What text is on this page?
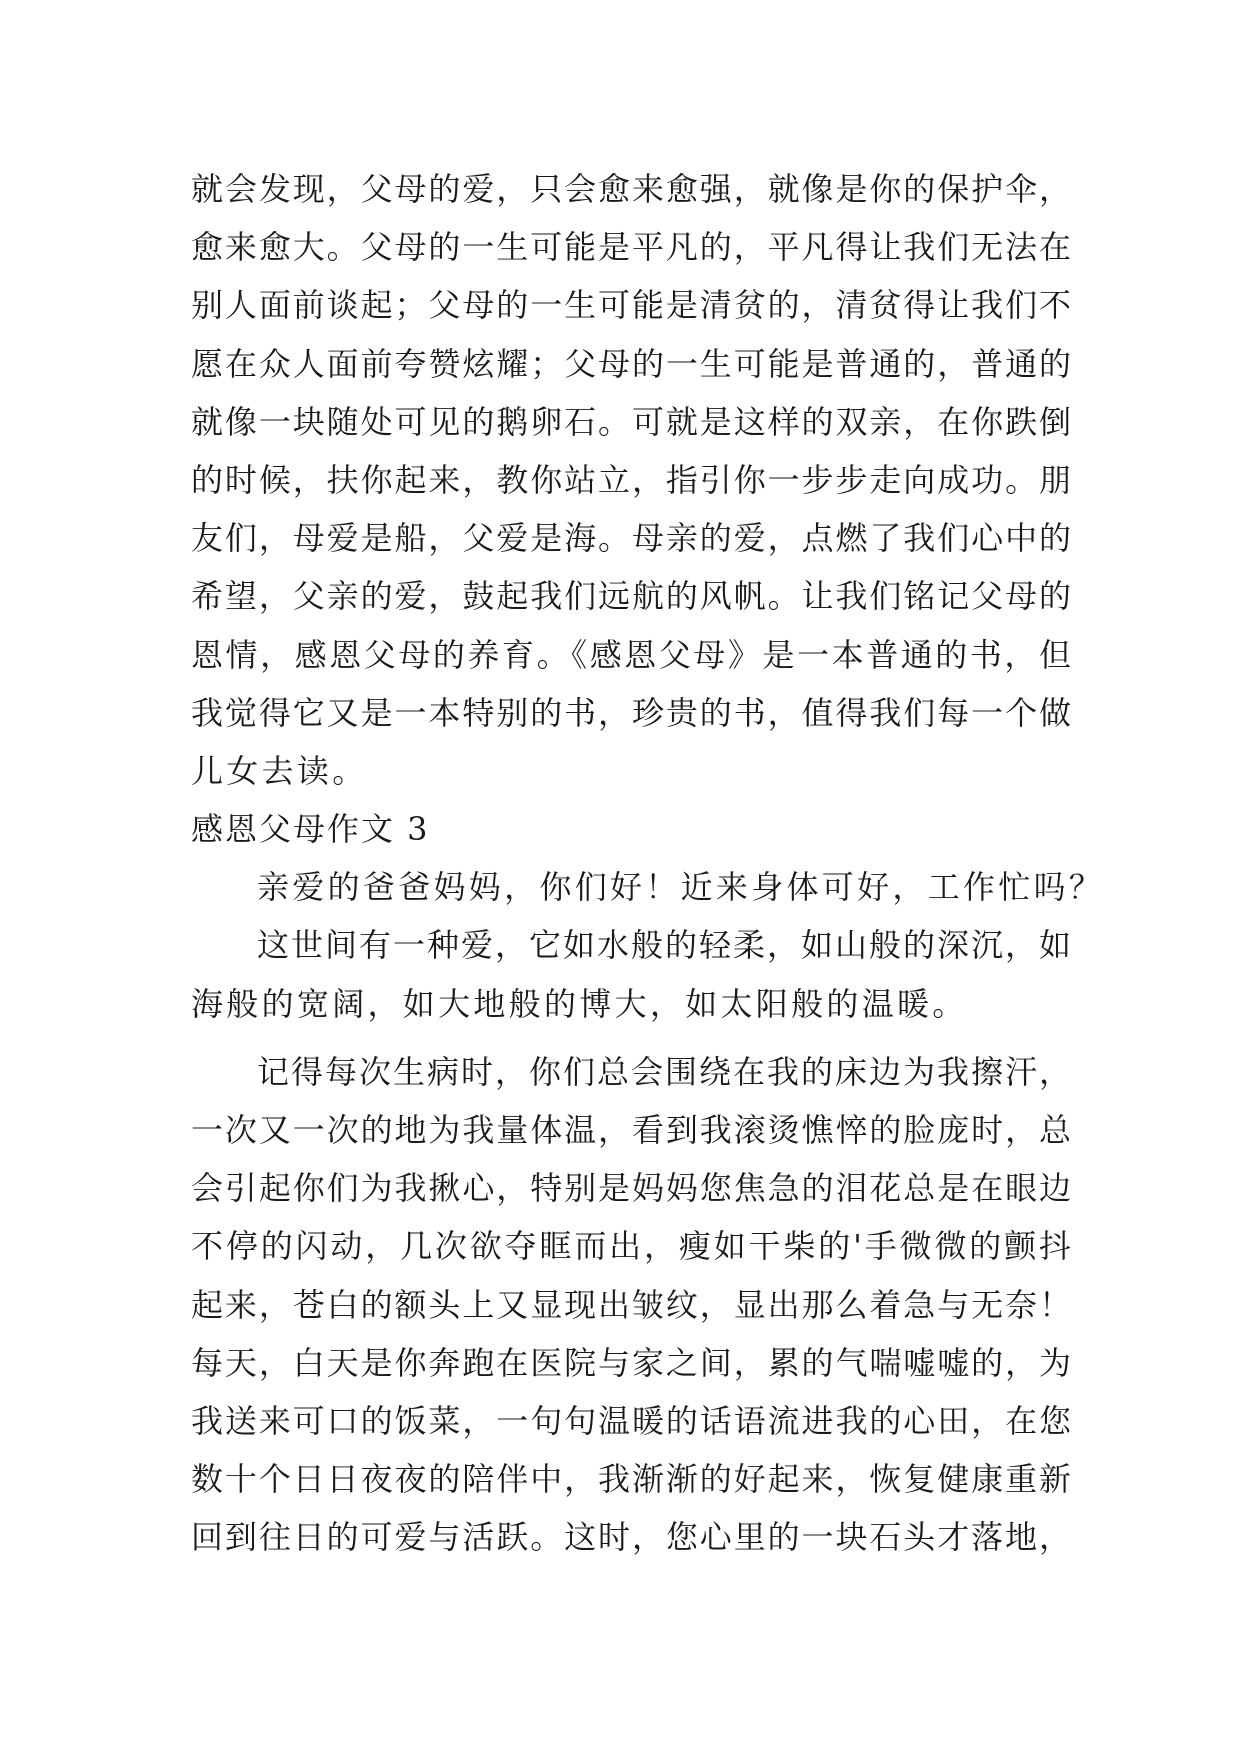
就会发现，父母的爱，只会愈来愈强，就像是你的保护伞，
愈来愈大。父母的一生可能是平凡的，平凡得让我们无法在
别人面前谈起；父母的一生可能是清贫的，清贫得让我们不
愿在众人面前夸赞炫耀；父母的一生可能是普通的，普通的
就像一块随处可见的鹅卵石。可就是这样的双亲，在你跌倒
的时候，扶你起来，教你站立，指引你一步步走向成功。朋
友们，母爱是船，父爱是海。母亲的爱，点燃了我们心中的
希望，父亲的爱，鼓起我们远航的风帆。让我们铭记父母的
恩情，感恩父母的养育。《感恩父母》是一本普通的书，但
我觉得它又是一本特别的书，珍贵的书，值得我们每一个做
儿女去读。
感恩父母作文 3
亲爱的爸爸妈妈，你们好！近来身体可好，工作忙吗？
这世间有一种爱，它如水般的轻柔，如山般的深沉，如
海般的宽阔，如大地般的博大，如太阳般的温暖。
记得每次生病时，你们总会围绕在我的床边为我擦汗，
一次又一次的地为我量体温，看到我滚烫憔悴的脸庞时，总
会引起你们为我揪心，特别是妈妈您焦急的泪花总是在眼边
不停的闪动，几次欲夺眶而出，瘦如干柴的'手微微的颤抖
起来，苍白的额头上又显现出皱纹，显出那么着急与无奈！
每天，白天是你奔跑在医院与家之间，累的气喘嘘嘘的，为
我送来可口的饭菜，一句句温暖的话语流进我的心田，在您
数十个日日夜夜的陪伴中，我渐渐的好起来，恢复健康重新
回到往日的可爱与活跃。这时，您心里的一块石头才落地，
